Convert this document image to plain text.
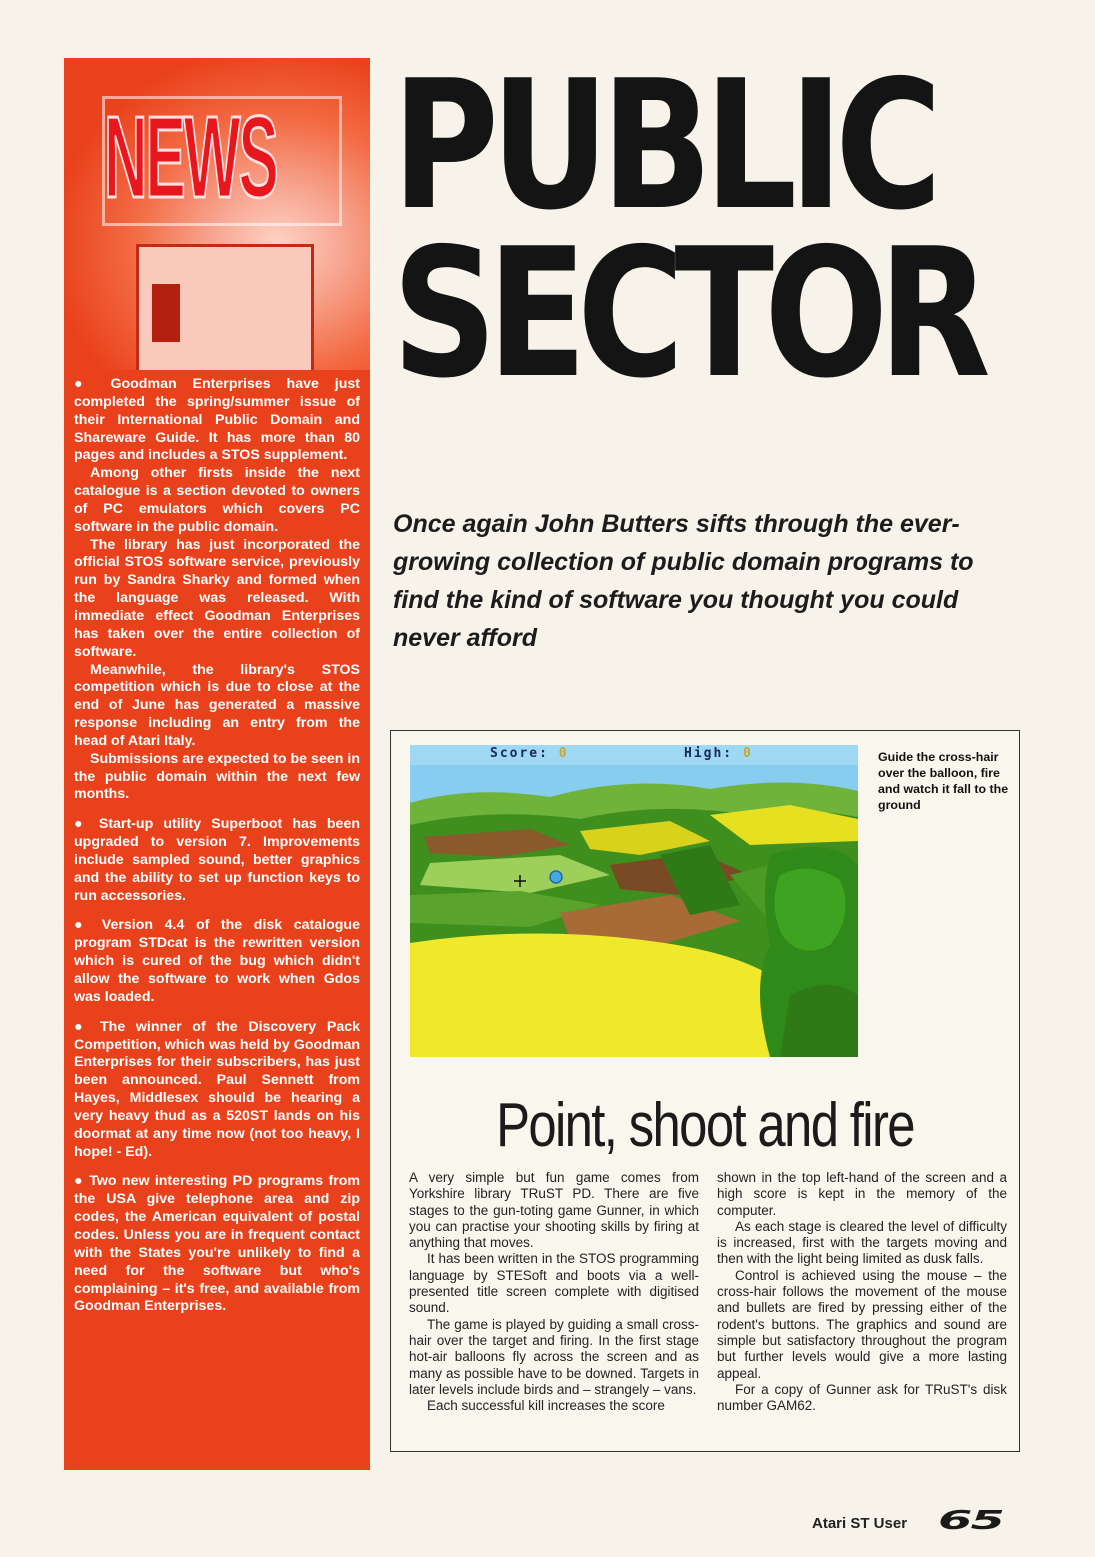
NEWS

● Goodman Enterprises have just completed the spring/summer issue of their International Public Domain and Shareware Guide. It has more than 80 pages and includes a STOS supplement.

Among other firsts inside the next catalogue is a section devoted to owners of PC emulators which covers PC software in the public domain.

The library has just incorporated the official STOS software service, previously run by Sandra Sharky and formed when the language was released. With immediate effect Goodman Enterprises has taken over the entire collection of software.

Meanwhile, the library's STOS competition which is due to close at the end of June has generated a massive response including an entry from the head of Atari Italy.

Submissions are expected to be seen in the public domain within the next few months.

● Start-up utility Superboot has been upgraded to version 7. Improvements include sampled sound, better graphics and the ability to set up function keys to run accessories.

● Version 4.4 of the disk catalogue program STDcat is the rewritten version which is cured of the bug which didn't allow the software to work when Gdos was loaded.

● The winner of the Discovery Pack Competition, which was held by Goodman Enterprises for their subscribers, has just been announced. Paul Sennett from Hayes, Middlesex should be hearing a very heavy thud as a 520ST lands on his doormat at any time now (not too heavy, I hope! - Ed).

● Two new interesting PD programs from the USA give telephone area and zip codes, the American equivalent of postal codes. Unless you are in frequent contact with the States you're unlikely to find a need for the software but who's complaining – it's free, and available from Goodman Enterprises.

PUBLIC
SECTOR
Once again John Butters sifts through the ever-growing collection of public domain programs to find the kind of software you thought you could never afford
Score: 0	High: 0	Guide the cross-hair over the balloon, fire and watch it fall to the ground
Point, shoot and fire

A very simple but fun game comes from Yorkshire library TRuST PD. There are five stages to the gun-toting game Gunner, in which you can practise your shooting skills by firing at anything that moves.

It has been written in the STOS programming language by STESoft and boots via a well-presented title screen complete with digitised sound.

The game is played by guiding a small cross-hair over the target and firing. In the first stage hot-air balloons fly across the screen and as many as possible have to be downed. Targets in later levels include birds and – strangely – vans.

Each successful kill increases the score

shown in the top left-hand of the screen and a high score is kept in the memory of the computer.

As each stage is cleared the level of difficulty is increased, first with the targets moving and then with the light being limited as dusk falls.

Control is achieved using the mouse – the cross-hair follows the movement of the mouse and bullets are fired by pressing either of the rodent's buttons. The graphics and sound are simple but satisfactory throughout the program but further levels would give a more lasting appeal.

For a copy of Gunner ask for TRuST's disk number GAM62.

Atari ST User 65
